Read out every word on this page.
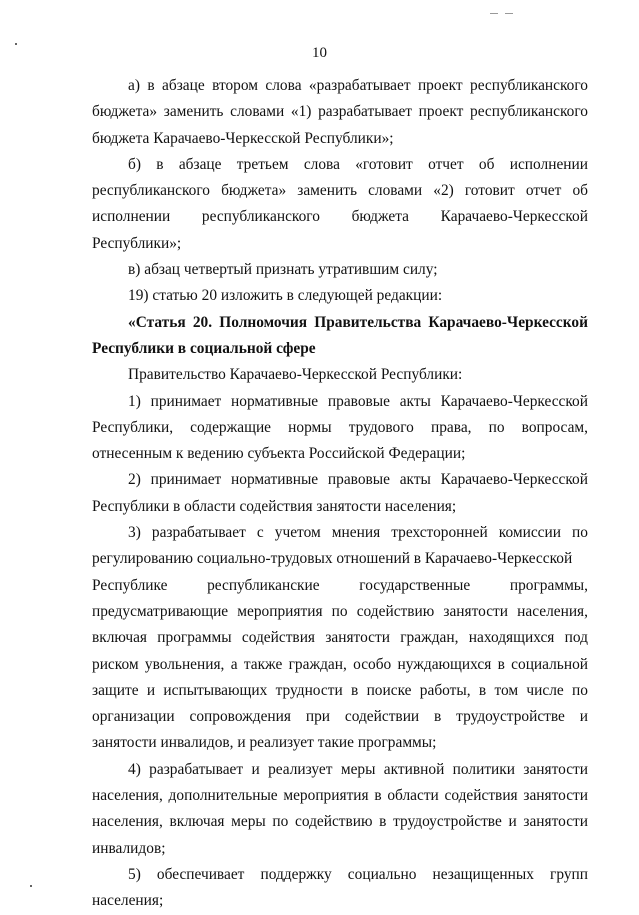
10

а) в абзаце втором слова «разрабатывает проект республиканского бюджета» заменить словами «1) разрабатывает проект республиканского бюджета Карачаево-Черкесской Республики»;

б) в абзаце третьем слова «готовит отчет об исполнении республиканского бюджета» заменить словами «2) готовит отчет об исполнении республиканского бюджета Карачаево-Черкесской Республики»;

в) абзац четвертый признать утратившим силу;

19) статью 20 изложить в следующей редакции:

«Статья 20. Полномочия Правительства Карачаево-Черкесской Республики в социальной сфере

Правительство Карачаево-Черкесской Республики:

1) принимает нормативные правовые акты Карачаево-Черкесской Республики, содержащие нормы трудового права, по вопросам, отнесенным к ведению субъекта Российской Федерации;

2) принимает нормативные правовые акты Карачаево-Черкесской Республики в области содействия занятости населения;

3) разрабатывает с учетом мнения трехсторонней комиссии по регулированию социально-трудовых отношений в Карачаево-Черкесской

Республике республиканские государственные программы,

предусматривающие мероприятия по содействию занятости населения, включая программы содействия занятости граждан, находящихся под риском увольнения, а также граждан, особо нуждающихся в социальной защите и испытывающих трудности в поиске работы, в том числе по организации сопровождения при содействии в трудоустройстве и занятости инвалидов, и реализует такие программы;

4) разрабатывает и реализует меры активной политики занятости населения, дополнительные мероприятия в области содействия занятости населения, включая меры по содействию в трудоустройстве и занятости инвалидов;

5) обеспечивает поддержку социально незащищенных групп населения;
